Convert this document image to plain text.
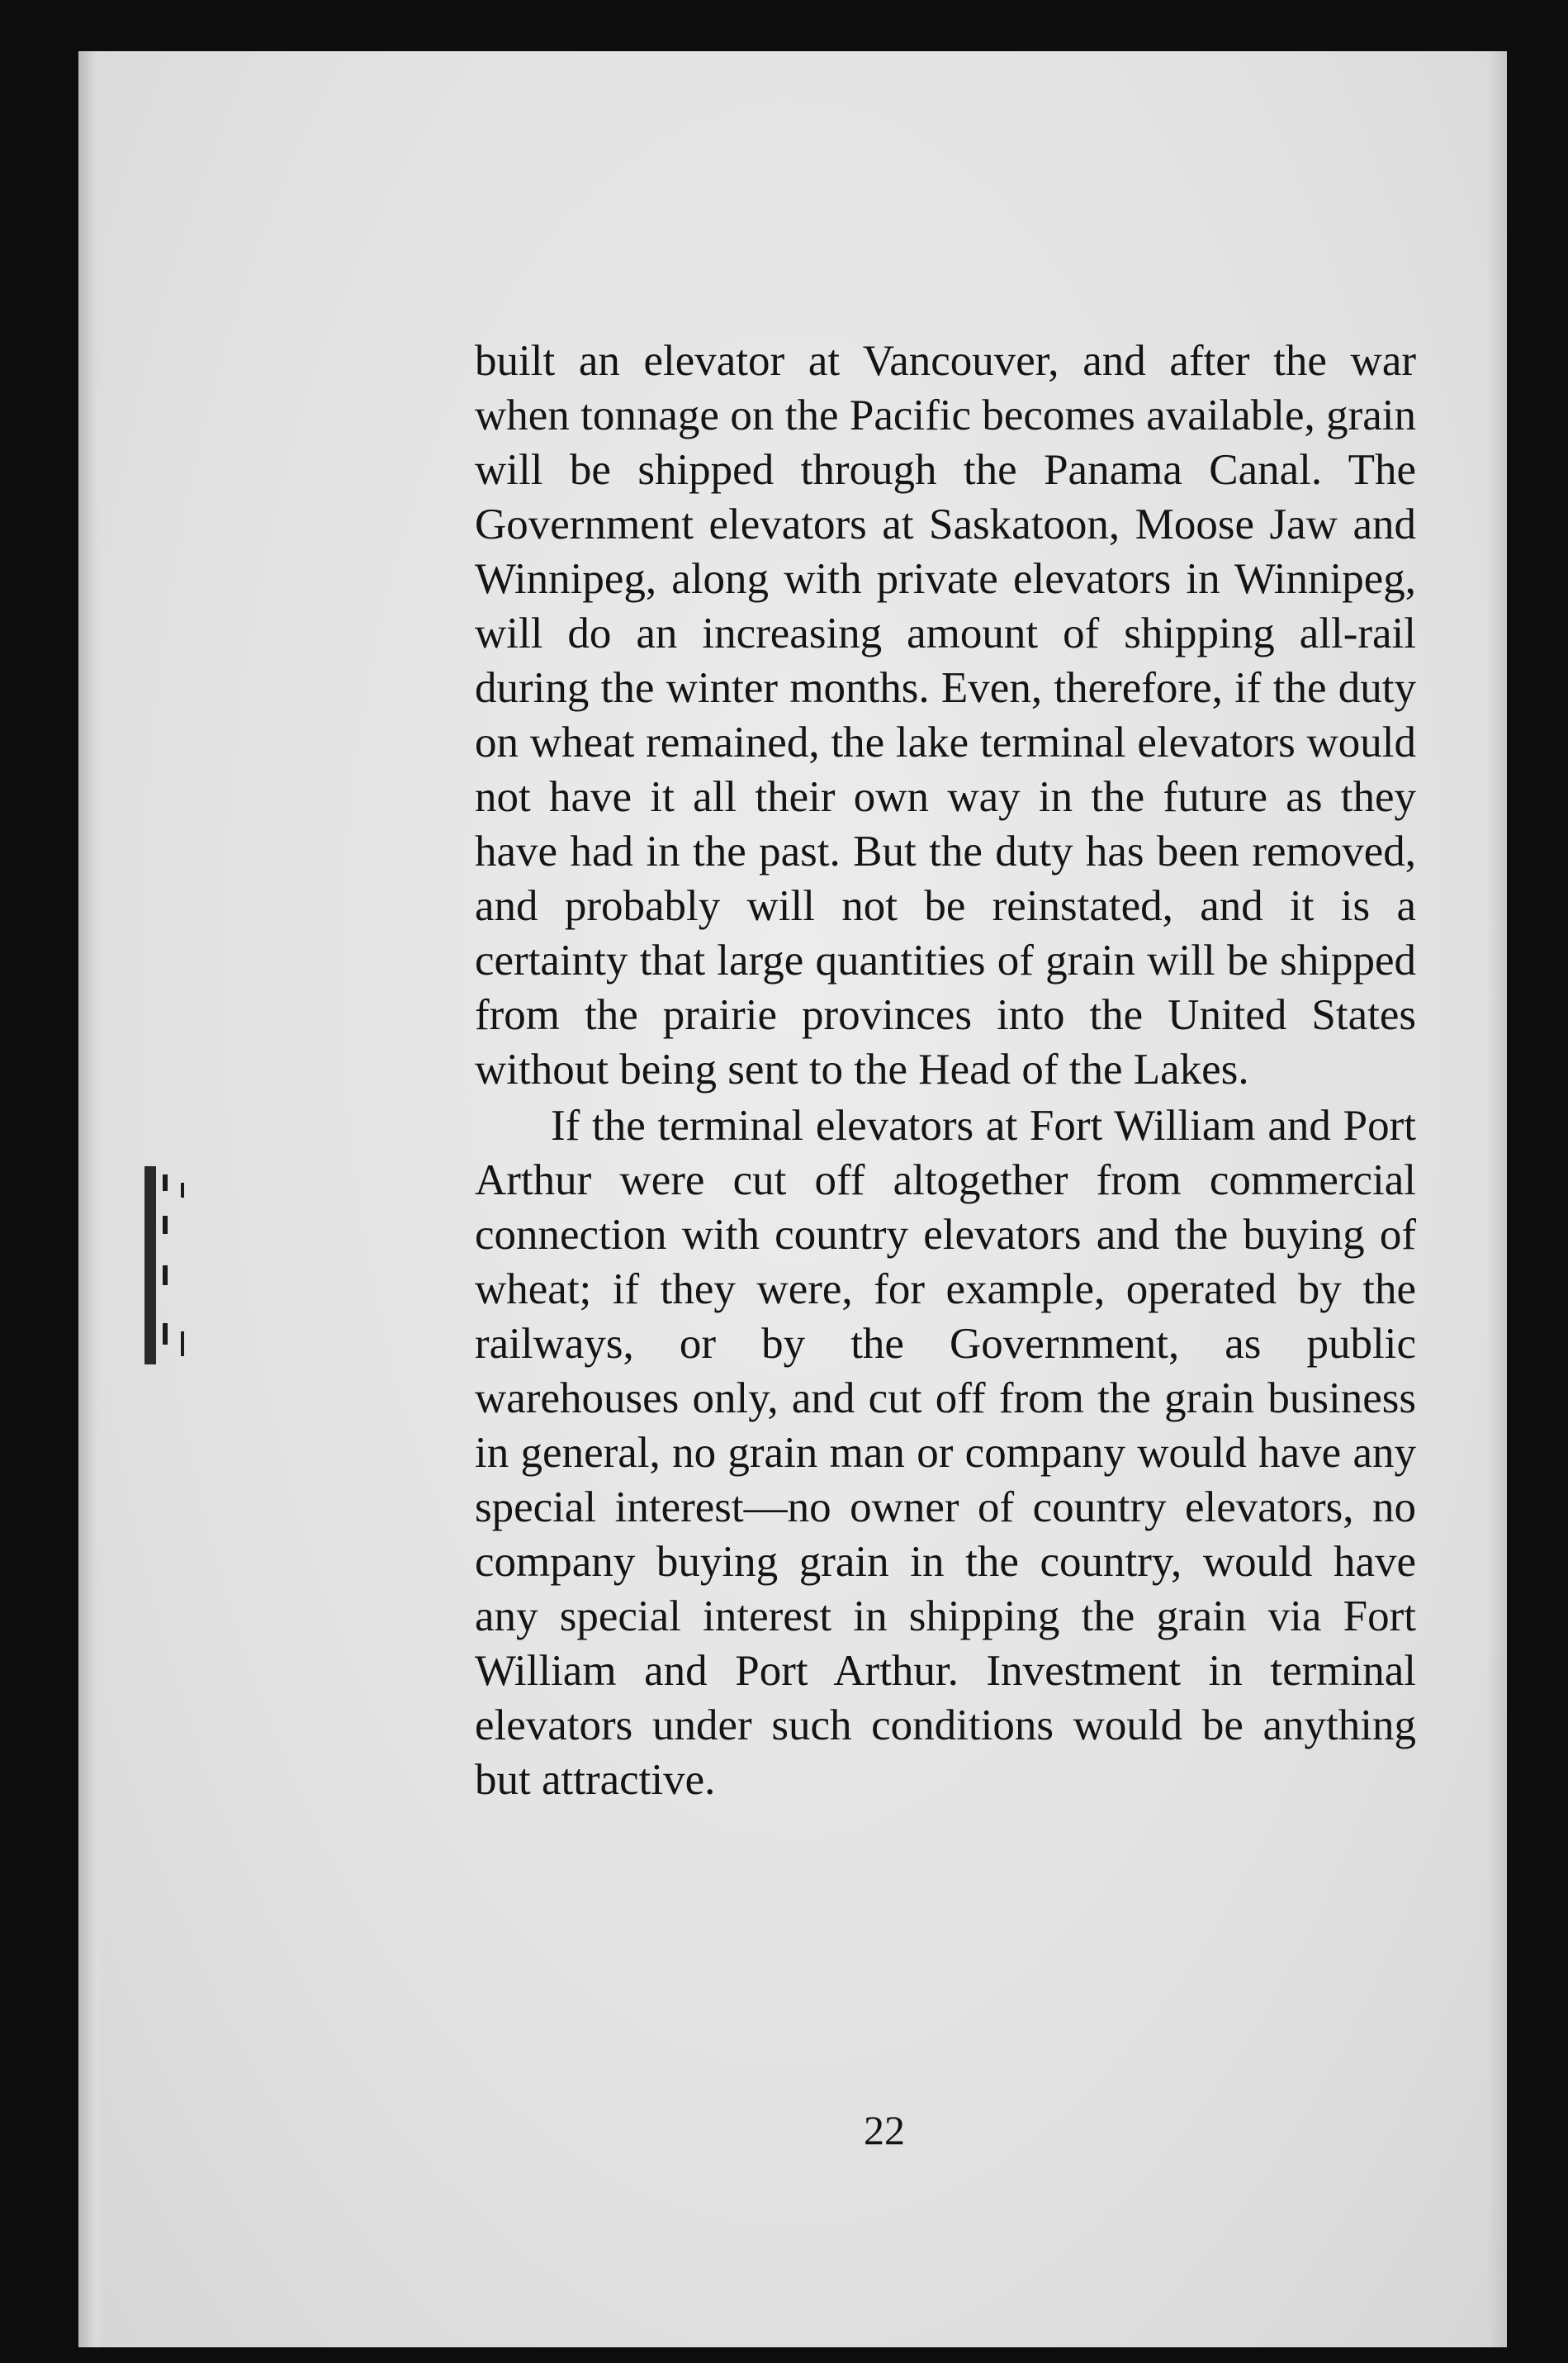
built an elevator at Vancouver, and after the war when tonnage on the Pacific becomes available, grain will be shipped through the Panama Canal. The Government elevators at Saskatoon, Moose Jaw and Winnipeg, along with private elevators in Winnipeg, will do an increasing amount of shipping all-rail during the winter months. Even, therefore, if the duty on wheat remained, the lake terminal elevators would not have it all their own way in the future as they have had in the past. But the duty has been removed, and probably will not be reinstated, and it is a certainty that large quantities of grain will be shipped from the prairie provinces into the United States without being sent to the Head of the Lakes.

If the terminal elevators at Fort William and Port Arthur were cut off altogether from commercial connection with country elevators and the buying of wheat; if they were, for example, operated by the railways, or by the Government, as public warehouses only, and cut off from the grain business in general, no grain man or company would have any special interest—no owner of country elevators, no company buying grain in the country, would have any special interest in shipping the grain via Fort William and Port Arthur. Investment in terminal elevators under such conditions would be anything but attractive.

22
